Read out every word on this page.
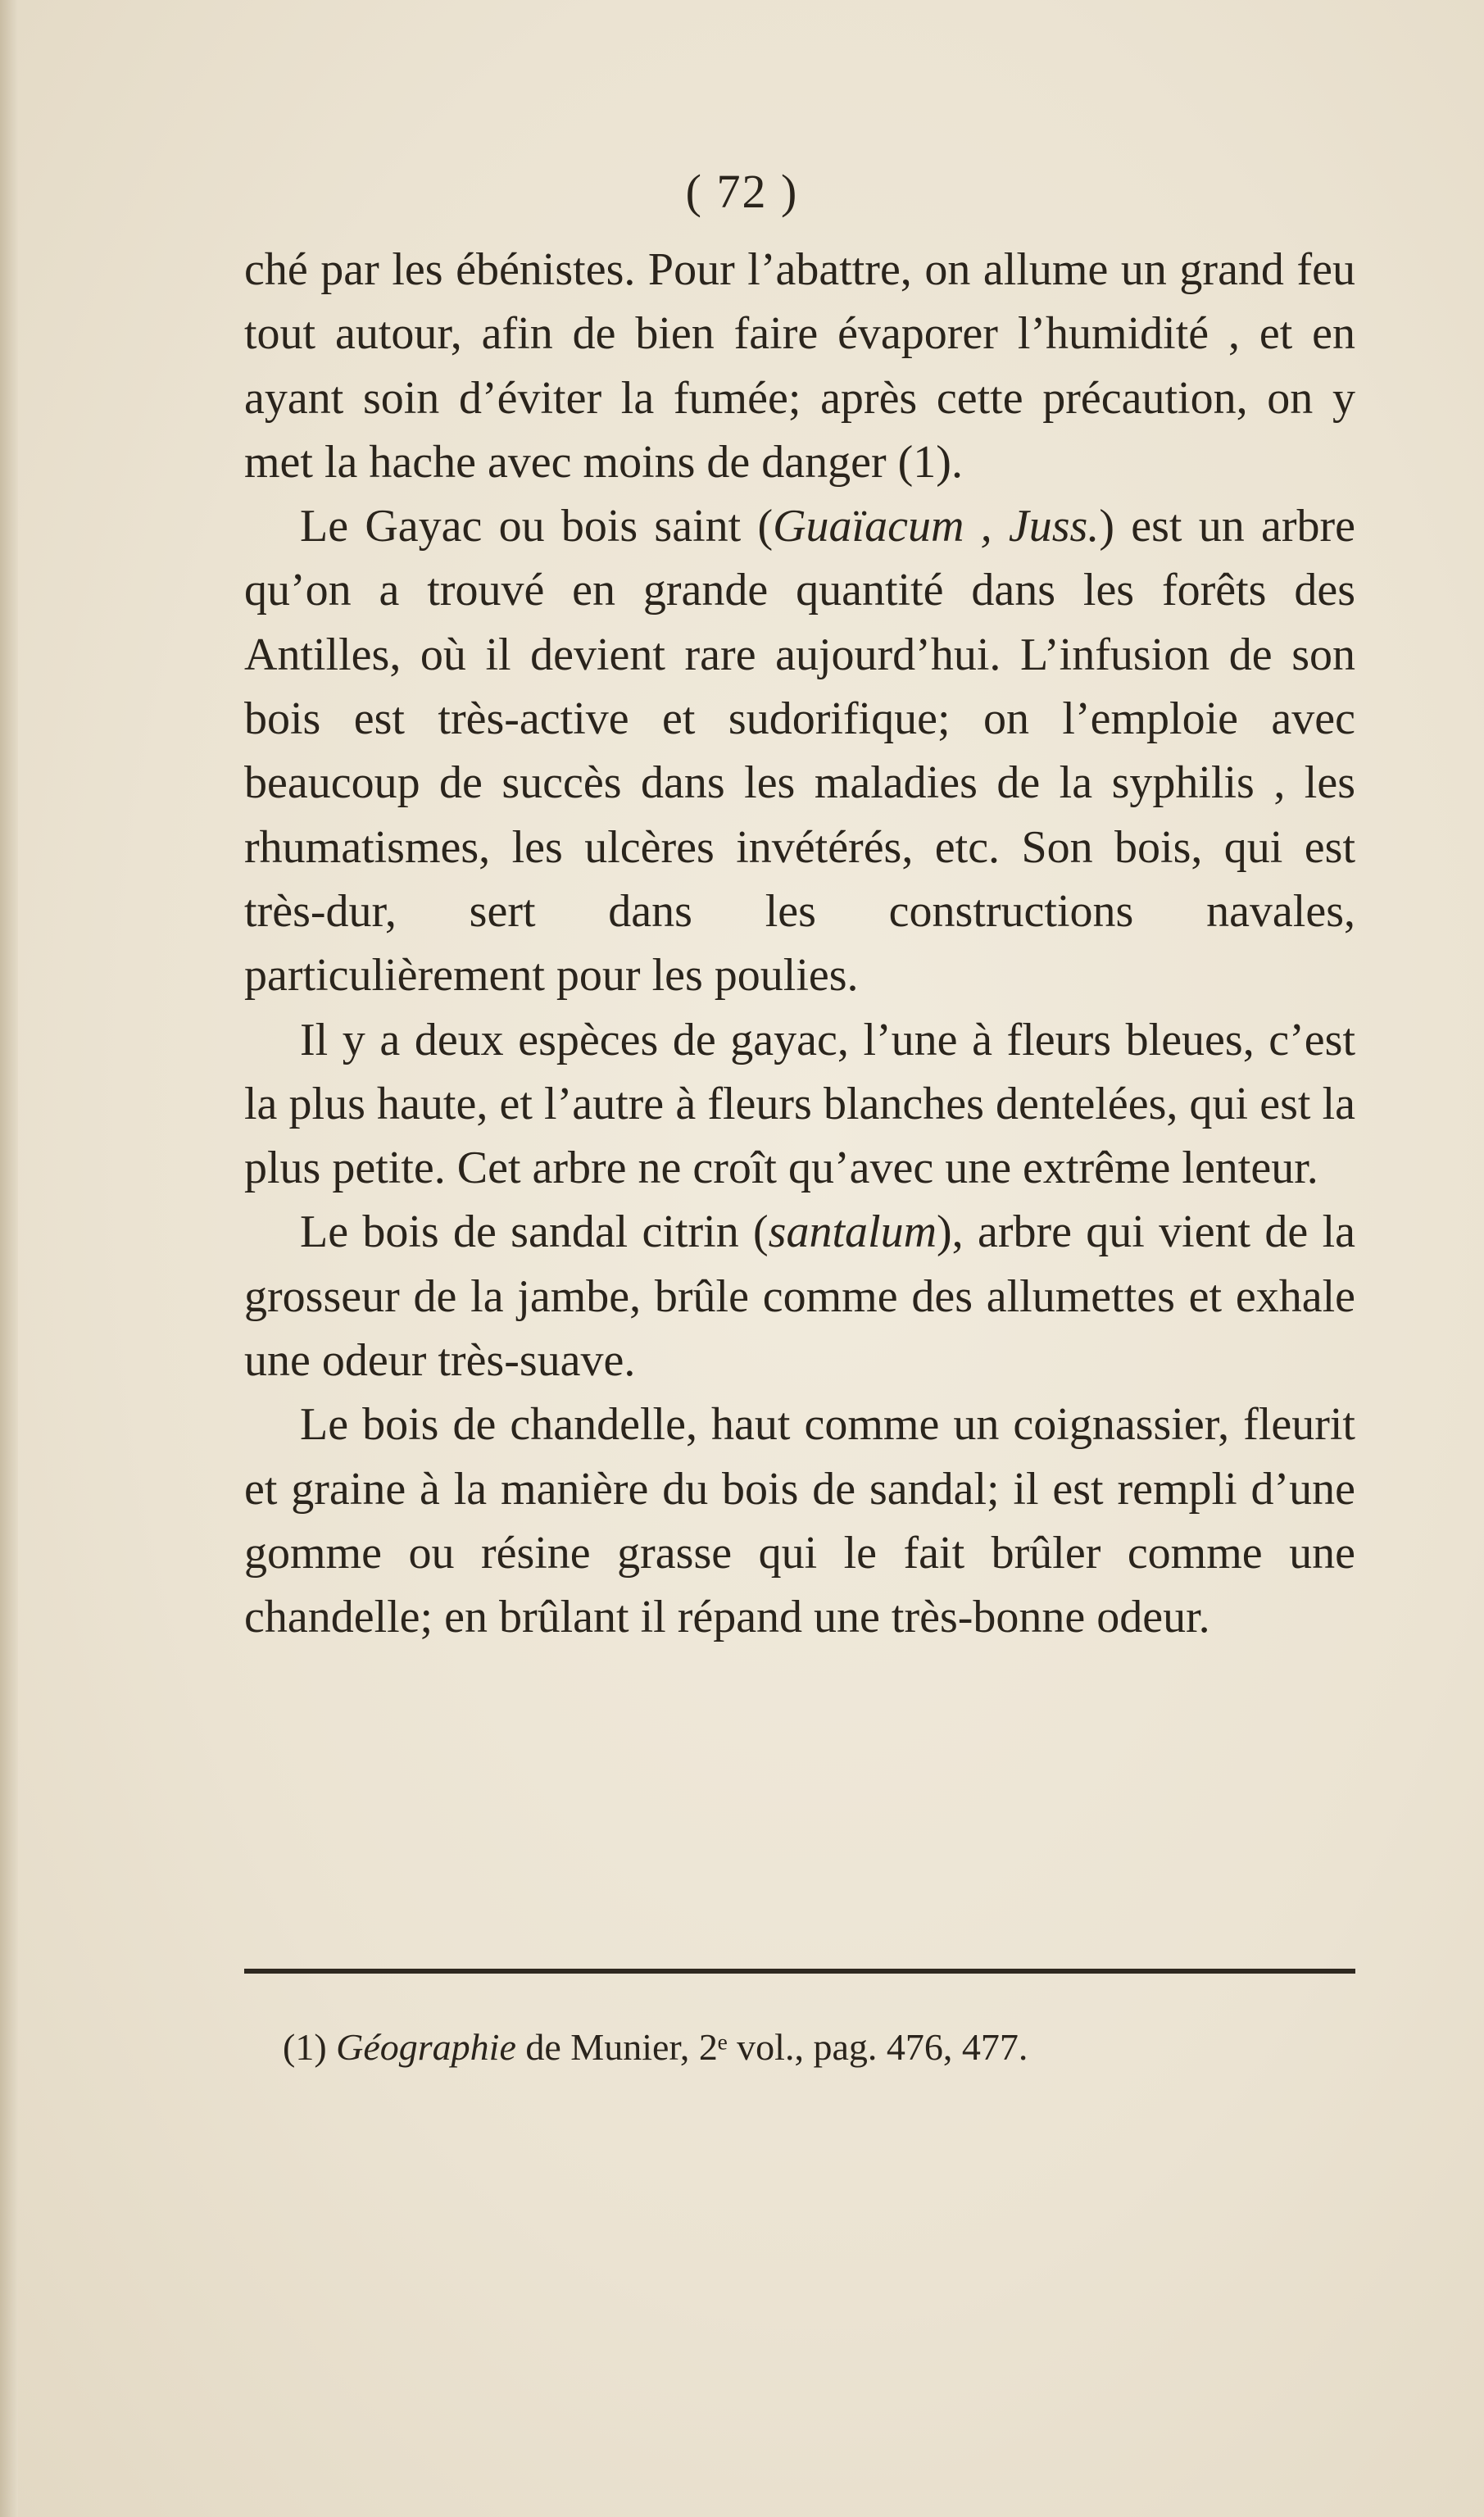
( 72 )

ché par les ébénistes. Pour l’abattre, on allume un grand feu tout autour, afin de bien faire évaporer l’humidité , et en ayant soin d’éviter la fumée; après cette précaution, on y met la hache avec moins de danger (1).

Le Gayac ou bois saint (Guaïacum , Juss.) est un arbre qu’on a trouvé en grande quantité dans les forêts des Antilles, où il devient rare aujourd’hui. L’infusion de son bois est très-active et sudorifique; on l’emploie avec beaucoup de succès dans les maladies de la syphilis , les rhumatismes, les ulcères invétérés, etc. Son bois, qui est très-dur, sert dans les constructions navales, particulièrement pour les poulies.

Il y a deux espèces de gayac, l’une à fleurs bleues, c’est la plus haute, et l’autre à fleurs blanches dentelées, qui est la plus petite. Cet arbre ne croît qu’avec une extrême lenteur.

Le bois de sandal citrin (santalum), arbre qui vient de la grosseur de la jambe, brûle comme des allumettes et exhale une odeur très-suave.

Le bois de chandelle, haut comme un coignassier, fleurit et graine à la manière du bois de sandal; il est rempli d’une gomme ou résine grasse qui le fait brûler comme une chandelle; en brûlant il répand une très-bonne odeur.

(1) Géographie de Munier, 2ᵉ vol., pag. 476, 477.
